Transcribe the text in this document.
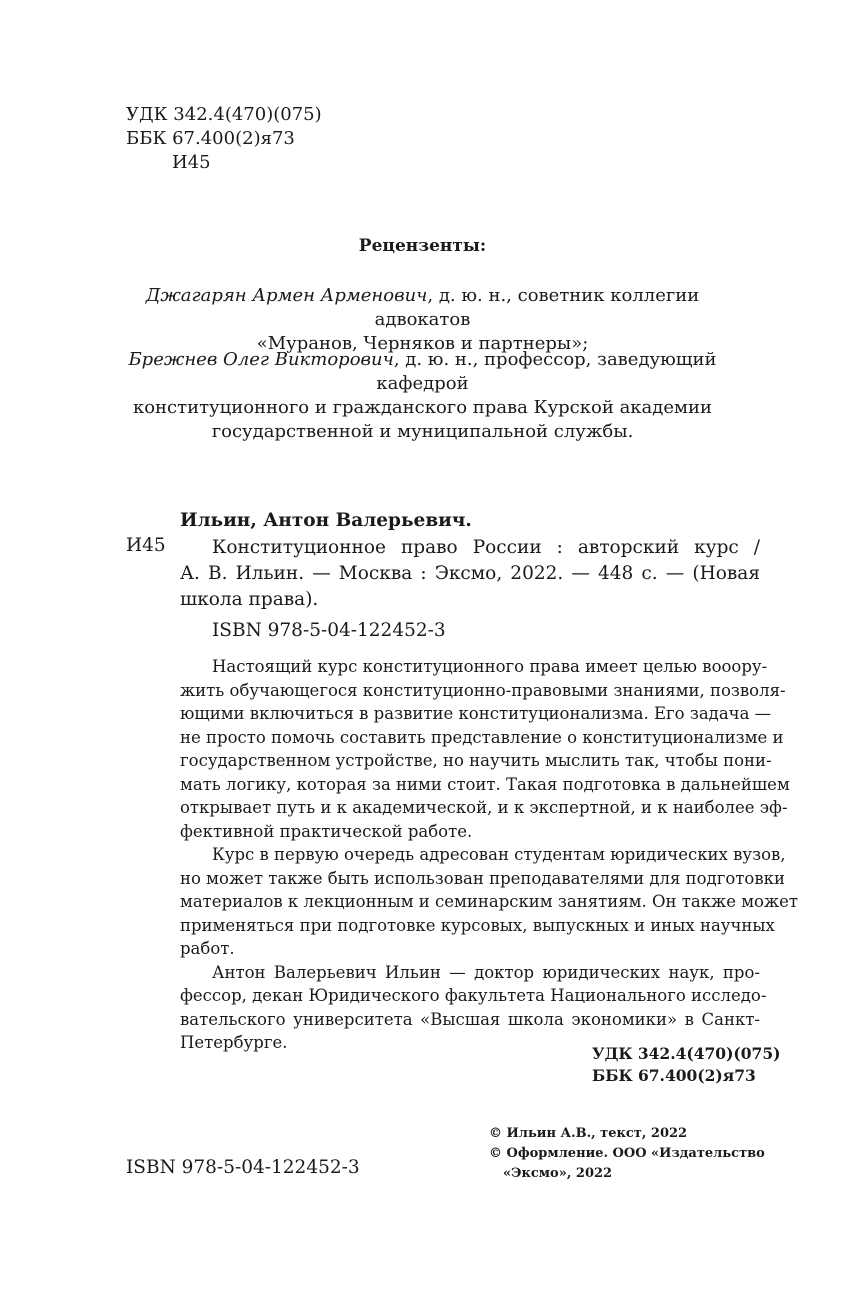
УДК 342.4(470)(075)
ББК 67.400(2)я73
И45
Рецензенты:
Джагарян Армен Арменович, д. ю. н., советник коллегии адвокатов
«Муранов, Черняков и партнеры»;
Брежнев Олег Викторович, д. ю. н., профессор, заведующий кафедрой
конституционного и гражданского права Курской академии
государственной и муниципальной службы.
Ильин, Антон Валерьевич.
И45	Конституционное право России : авторский курс /
А. В. Ильин. — Москва : Эксмо, 2022. — 448 с. — (Новая
школа права).
ISBN 978-5-04-122452-3
Настоящий курс конституционного права имеет целью вооору-
жить обучающегося конституционно-правовыми знаниями, позволя-
ющими включиться в развитие конституционализма. Его задача —
не просто помочь составить представление о конституционализме и
государственном устройстве, но научить мыслить так, чтобы пони-
мать логику, которая за ними стоит. Такая подготовка в дальнейшем
открывает путь и к академической, и к экспертной, и к наиболее эф-
фективной практической работе.
Курс в первую очередь адресован студентам юридических вузов,
но может также быть использован преподавателями для подготовки
материалов к лекционным и семинарским занятиям. Он также может
применяться при подготовке курсовых, выпускных и иных научных
работ.
Антон Валерьевич Ильин — доктор юридических наук, про-
фессор, декан Юридического факультета Национального исследо-
вательского университета «Высшая школа экономики» в Санкт-
Петербурге.
УДК 342.4(470)(075)
ББК 67.400(2)я73
© Ильин А.В., текст, 2022
© Оформление. ООО «Издательство
«Эксмо», 2022
ISBN 978-5-04-122452-3
